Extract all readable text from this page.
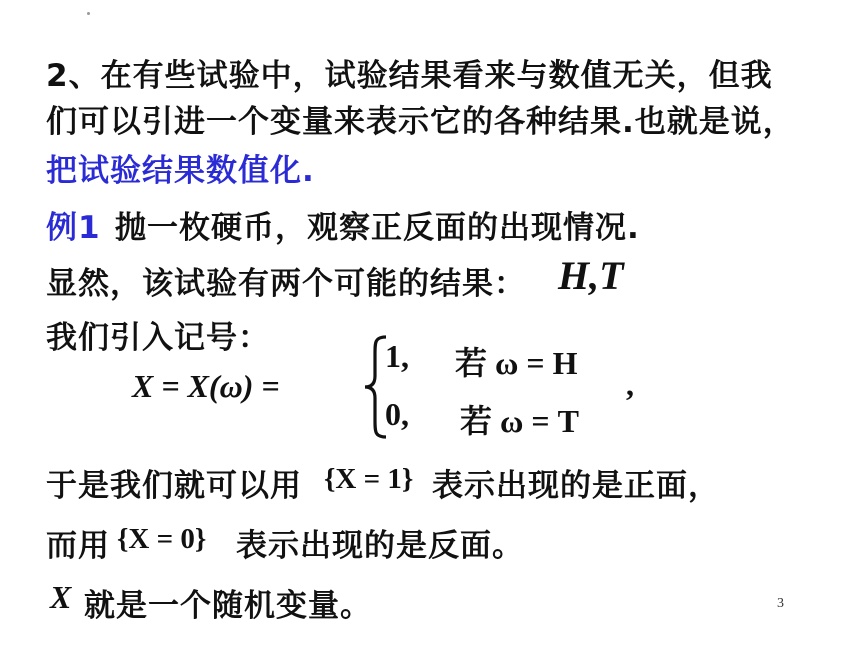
2、在有些试验中，试验结果看来与数值无关，但我
们可以引进一个变量来表示它的各种结果.也就是说，
把试验结果数值化.
例1 抛一枚硬币，观察正反面的出现情况.
显然，该试验有两个可能的结果： H,T
我们引入记号：
X = X(ω) =
1, 若 ω = H
0, 若 ω = T
,
于是我们就可以用 {X = 1} 表示出现的是正面，
而用 {X = 0} 表示出现的是反面。
X 就是一个随机变量。	3
